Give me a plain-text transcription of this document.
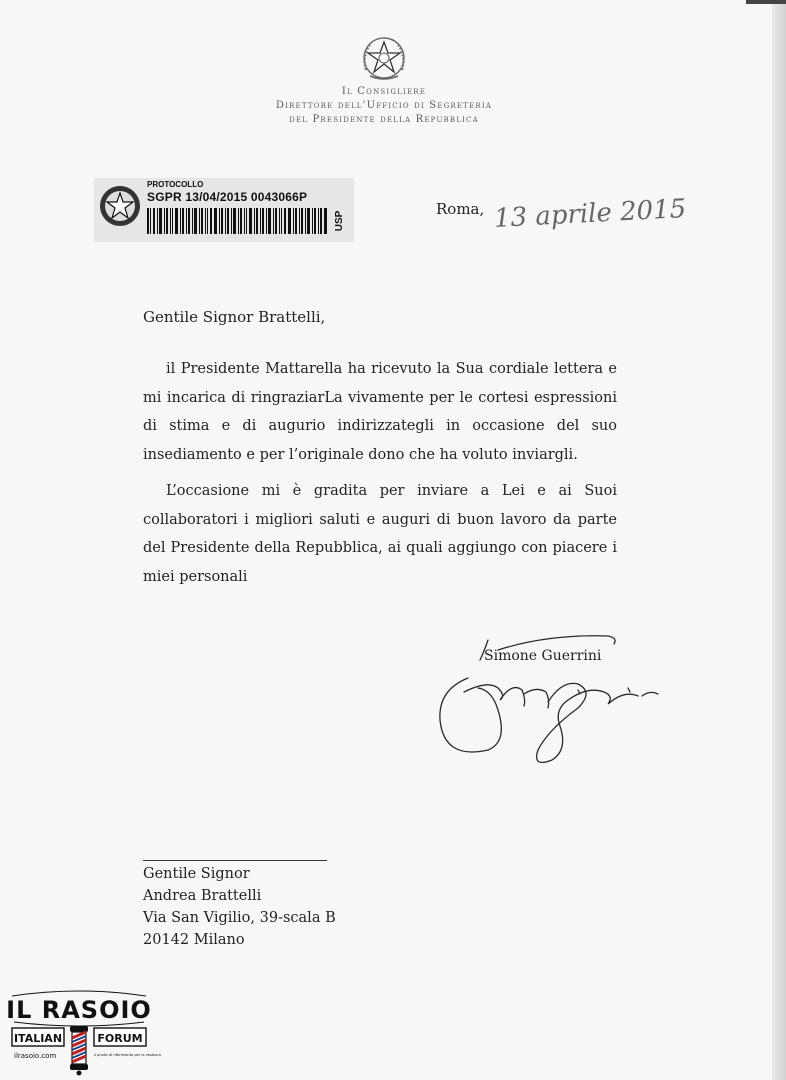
Il Consigliere
Direttore dell'Ufficio di Segreteria
del Presidente della Repubblica
PROTOCOLLO
SGPR 13/04/2015 0043066P
USP
Roma, 13 aprile 2015
Gentile Signor Brattelli,
il Presidente Mattarella ha ricevuto la Sua cordiale lettera e mi incarica di ringraziarLa vivamente per le cortesi espressioni di stima e di augurio indirizzategli in occasione del suo insediamento e per l’originale dono che ha voluto inviargli.
L’occasione mi è gradita per inviare a Lei e ai Suoi collaboratori i migliori saluti e auguri di buon lavoro da parte del Presidente della Repubblica, ai quali aggiungo con piacere i miei personali
Simone Guerrini
Gentile Signor
Andrea Brattelli
Via San Vigilio, 39-scala B
20142 Milano
IL RASOIO
ITALIAN	FORUM
ilrasoio.com	il punto di riferimento per la rasatura
